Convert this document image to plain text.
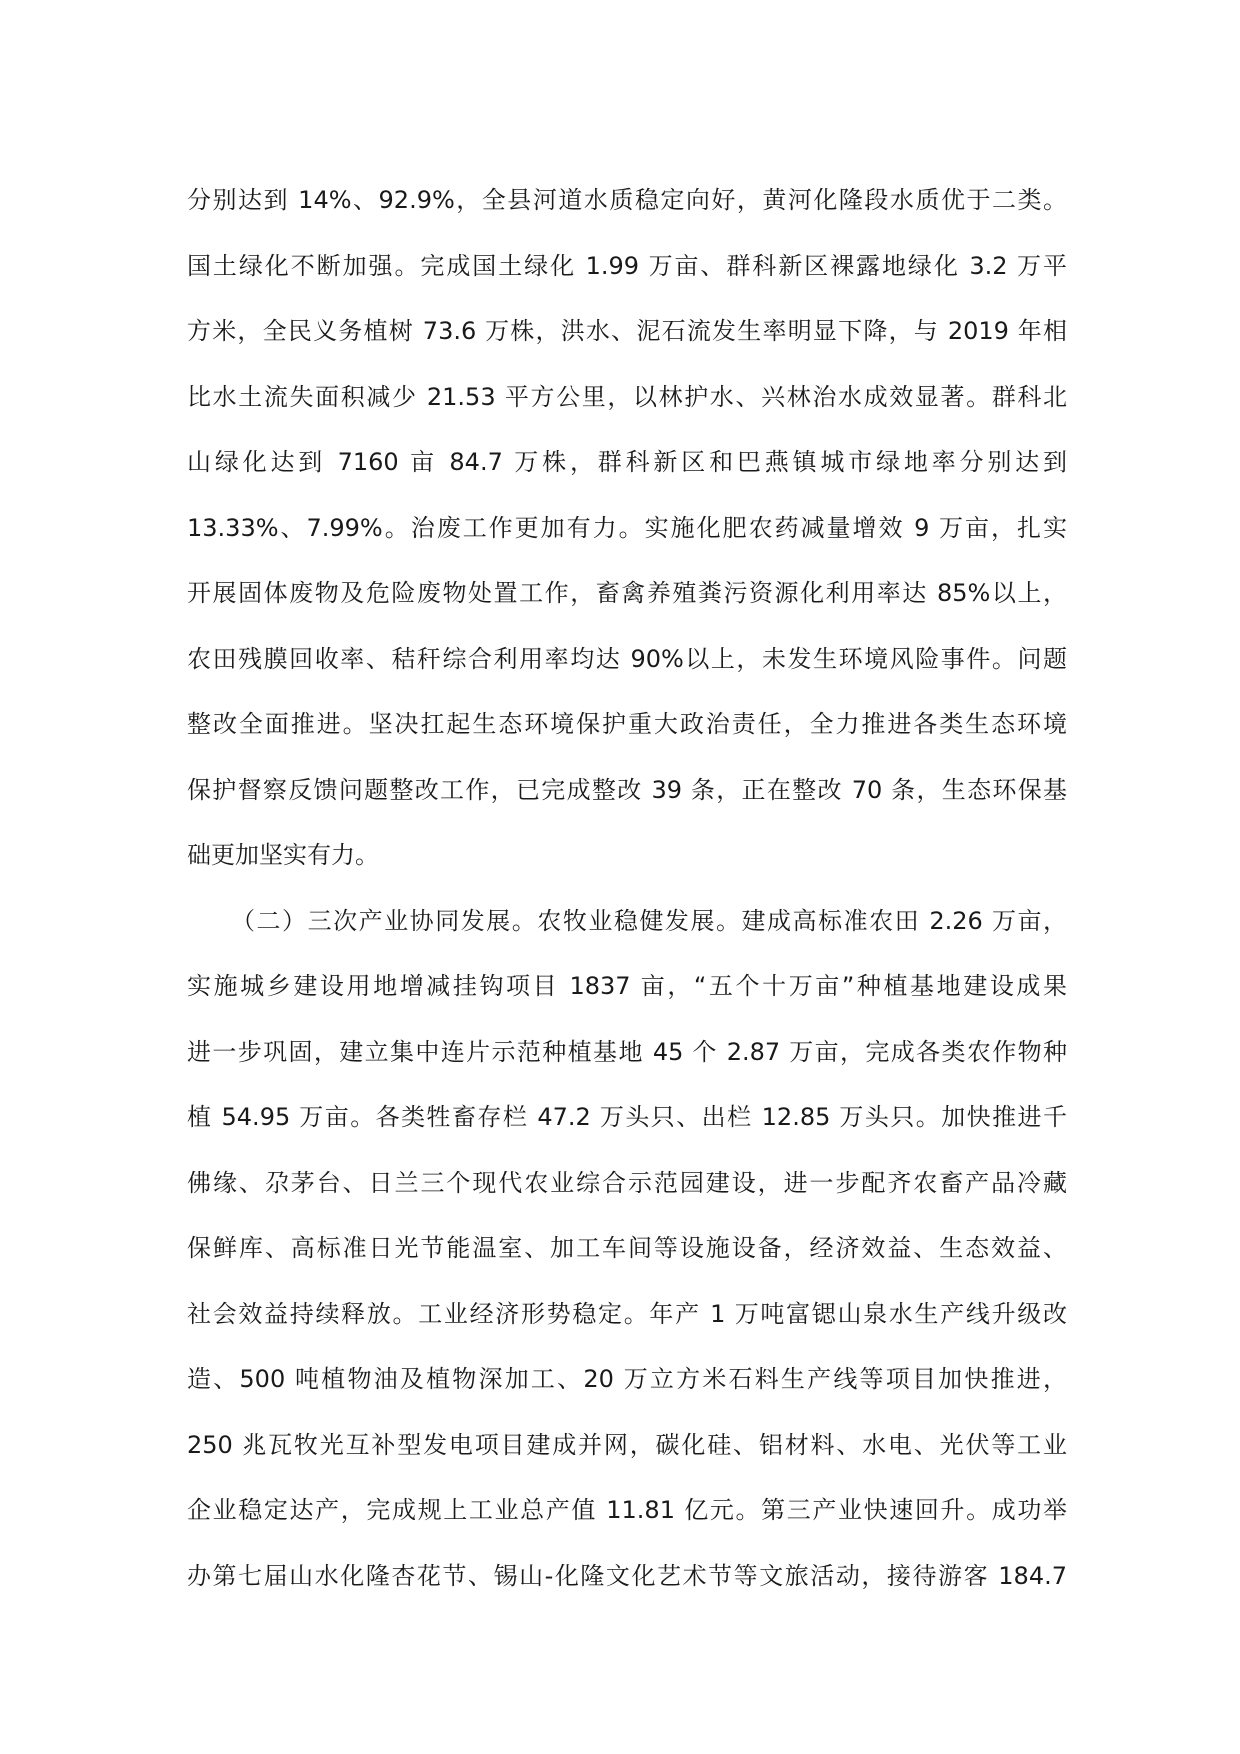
分别达到 14%、92.9%，全县河道水质稳定向好，黄河化隆段水质优于二类。
国土绿化不断加强。完成国土绿化 1.99 万亩、群科新区裸露地绿化 3.2 万平
方米，全民义务植树 73.6 万株，洪水、泥石流发生率明显下降，与 2019 年相
比水土流失面积减少 21.53 平方公里，以林护水、兴林治水成效显著。群科北
山绿化达到 7160 亩 84.7 万株，群科新区和巴燕镇城市绿地率分别达到
13.33%、7.99%。治废工作更加有力。实施化肥农药减量增效 9 万亩，扎实
开展固体废物及危险废物处置工作，畜禽养殖粪污资源化利用率达 85%以上，
农田残膜回收率、秸秆综合利用率均达 90%以上，未发生环境风险事件。问题
整改全面推进。坚决扛起生态环境保护重大政治责任，全力推进各类生态环境
保护督察反馈问题整改工作，已完成整改 39 条，正在整改 70 条，生态环保基
础更加坚实有力。
（二）三次产业协同发展。农牧业稳健发展。建成高标准农田 2.26 万亩，
实施城乡建设用地增减挂钩项目 1837 亩，“五个十万亩”种植基地建设成果
进一步巩固，建立集中连片示范种植基地 45 个 2.87 万亩，完成各类农作物种
植 54.95 万亩。各类牲畜存栏 47.2 万头只、出栏 12.85 万头只。加快推进千
佛缘、尕茅台、日兰三个现代农业综合示范园建设，进一步配齐农畜产品冷藏
保鲜库、高标准日光节能温室、加工车间等设施设备，经济效益、生态效益、
社会效益持续释放。工业经济形势稳定。年产 1 万吨富锶山泉水生产线升级改
造、500 吨植物油及植物深加工、20 万立方米石料生产线等项目加快推进，
250 兆瓦牧光互补型发电项目建成并网，碳化硅、铝材料、水电、光伏等工业
企业稳定达产，完成规上工业总产值 11.81 亿元。第三产业快速回升。成功举
办第七届山水化隆杏花节、锡山-化隆文化艺术节等文旅活动，接待游客 184.7
